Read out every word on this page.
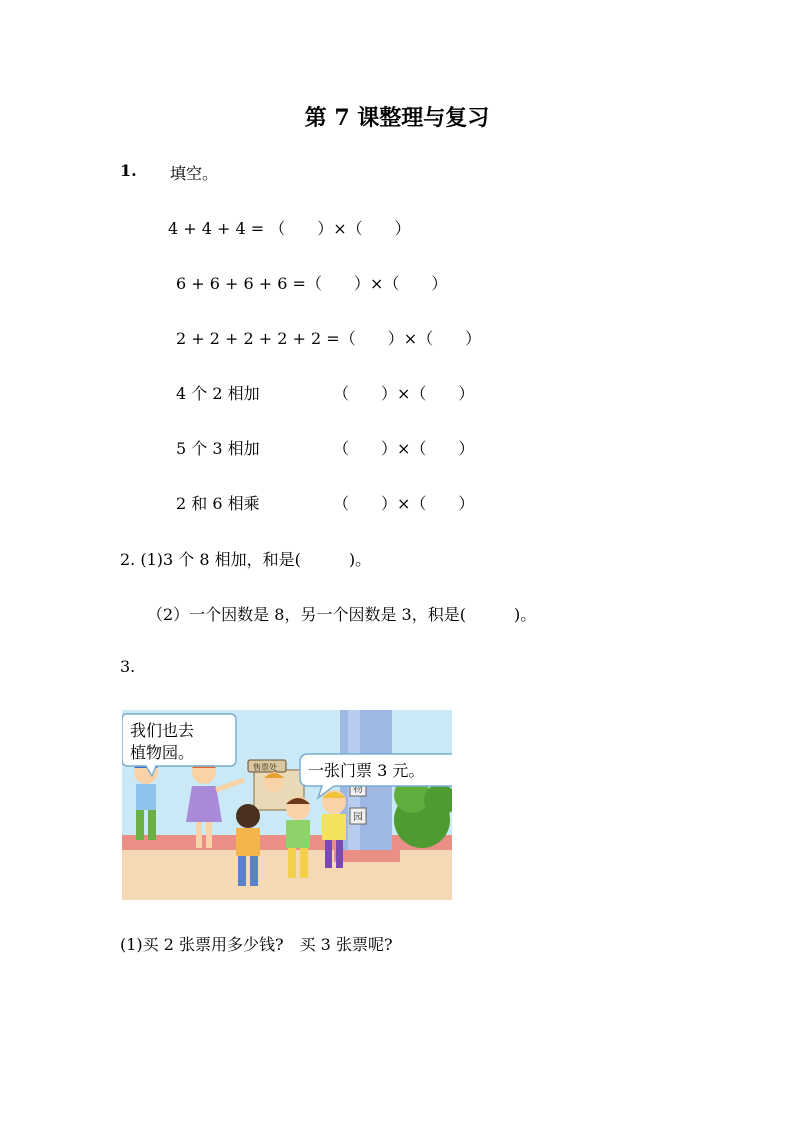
第 7 课整理与复习
1. 填空。

4 + 4 + 4 = （　　）×（　　）

6 + 6 + 6 + 6 =（　　）×（　　）

2 + 2 + 2 + 2 + 2 =（　　）×（　　）

4 个 2 相加

	（　　）×（　　）

5 个 3 相加

	（　　）×（　　）

2 和 6 相乘

	（　　）×（　　）

2. (1)3 个 8 相加，和是(　　　)。
（2）一个因数是 8，另一个因数是 3，积是(　　　)。
3.
售票处
物
园
我们也去
植物园。
一张门票 3 元。
(1)买 2 张票用多少钱?　买 3 张票呢?
